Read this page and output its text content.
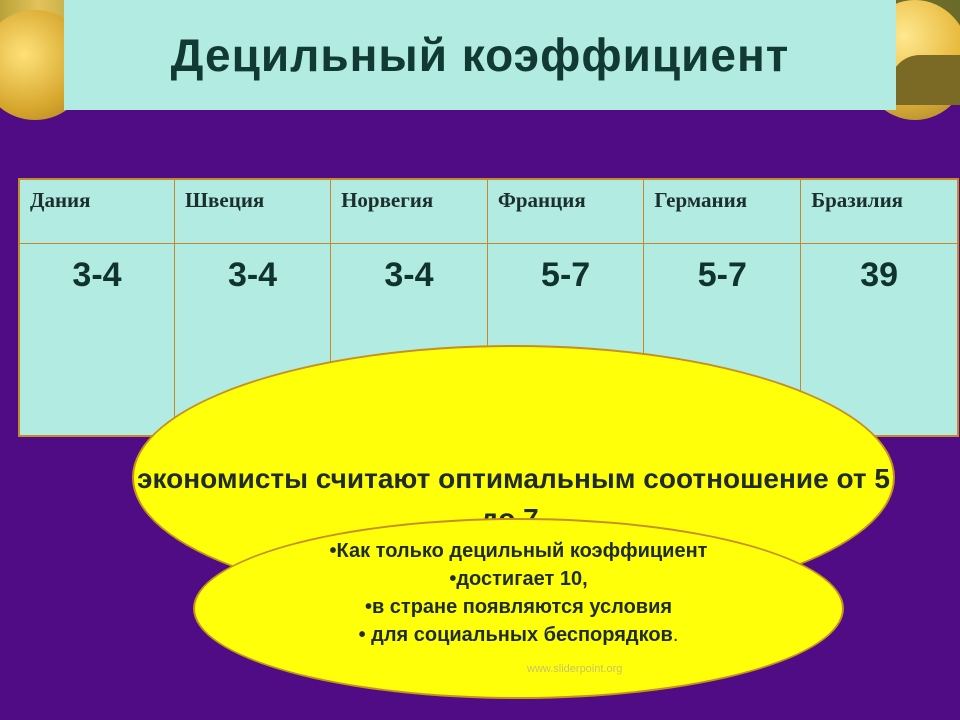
Децильный коэффициент
Дания	Швеция	Норвегия	Франция	Германия	Бразилия
3-4	3-4	3-4	5-7	5-7	39
экономисты считают оптимальным соотношение от 5
•Как только децильный коэффициент
•достигает 10,
•в стране появляются условия
• для социальных беспорядков.
www.sliderpoint.org
